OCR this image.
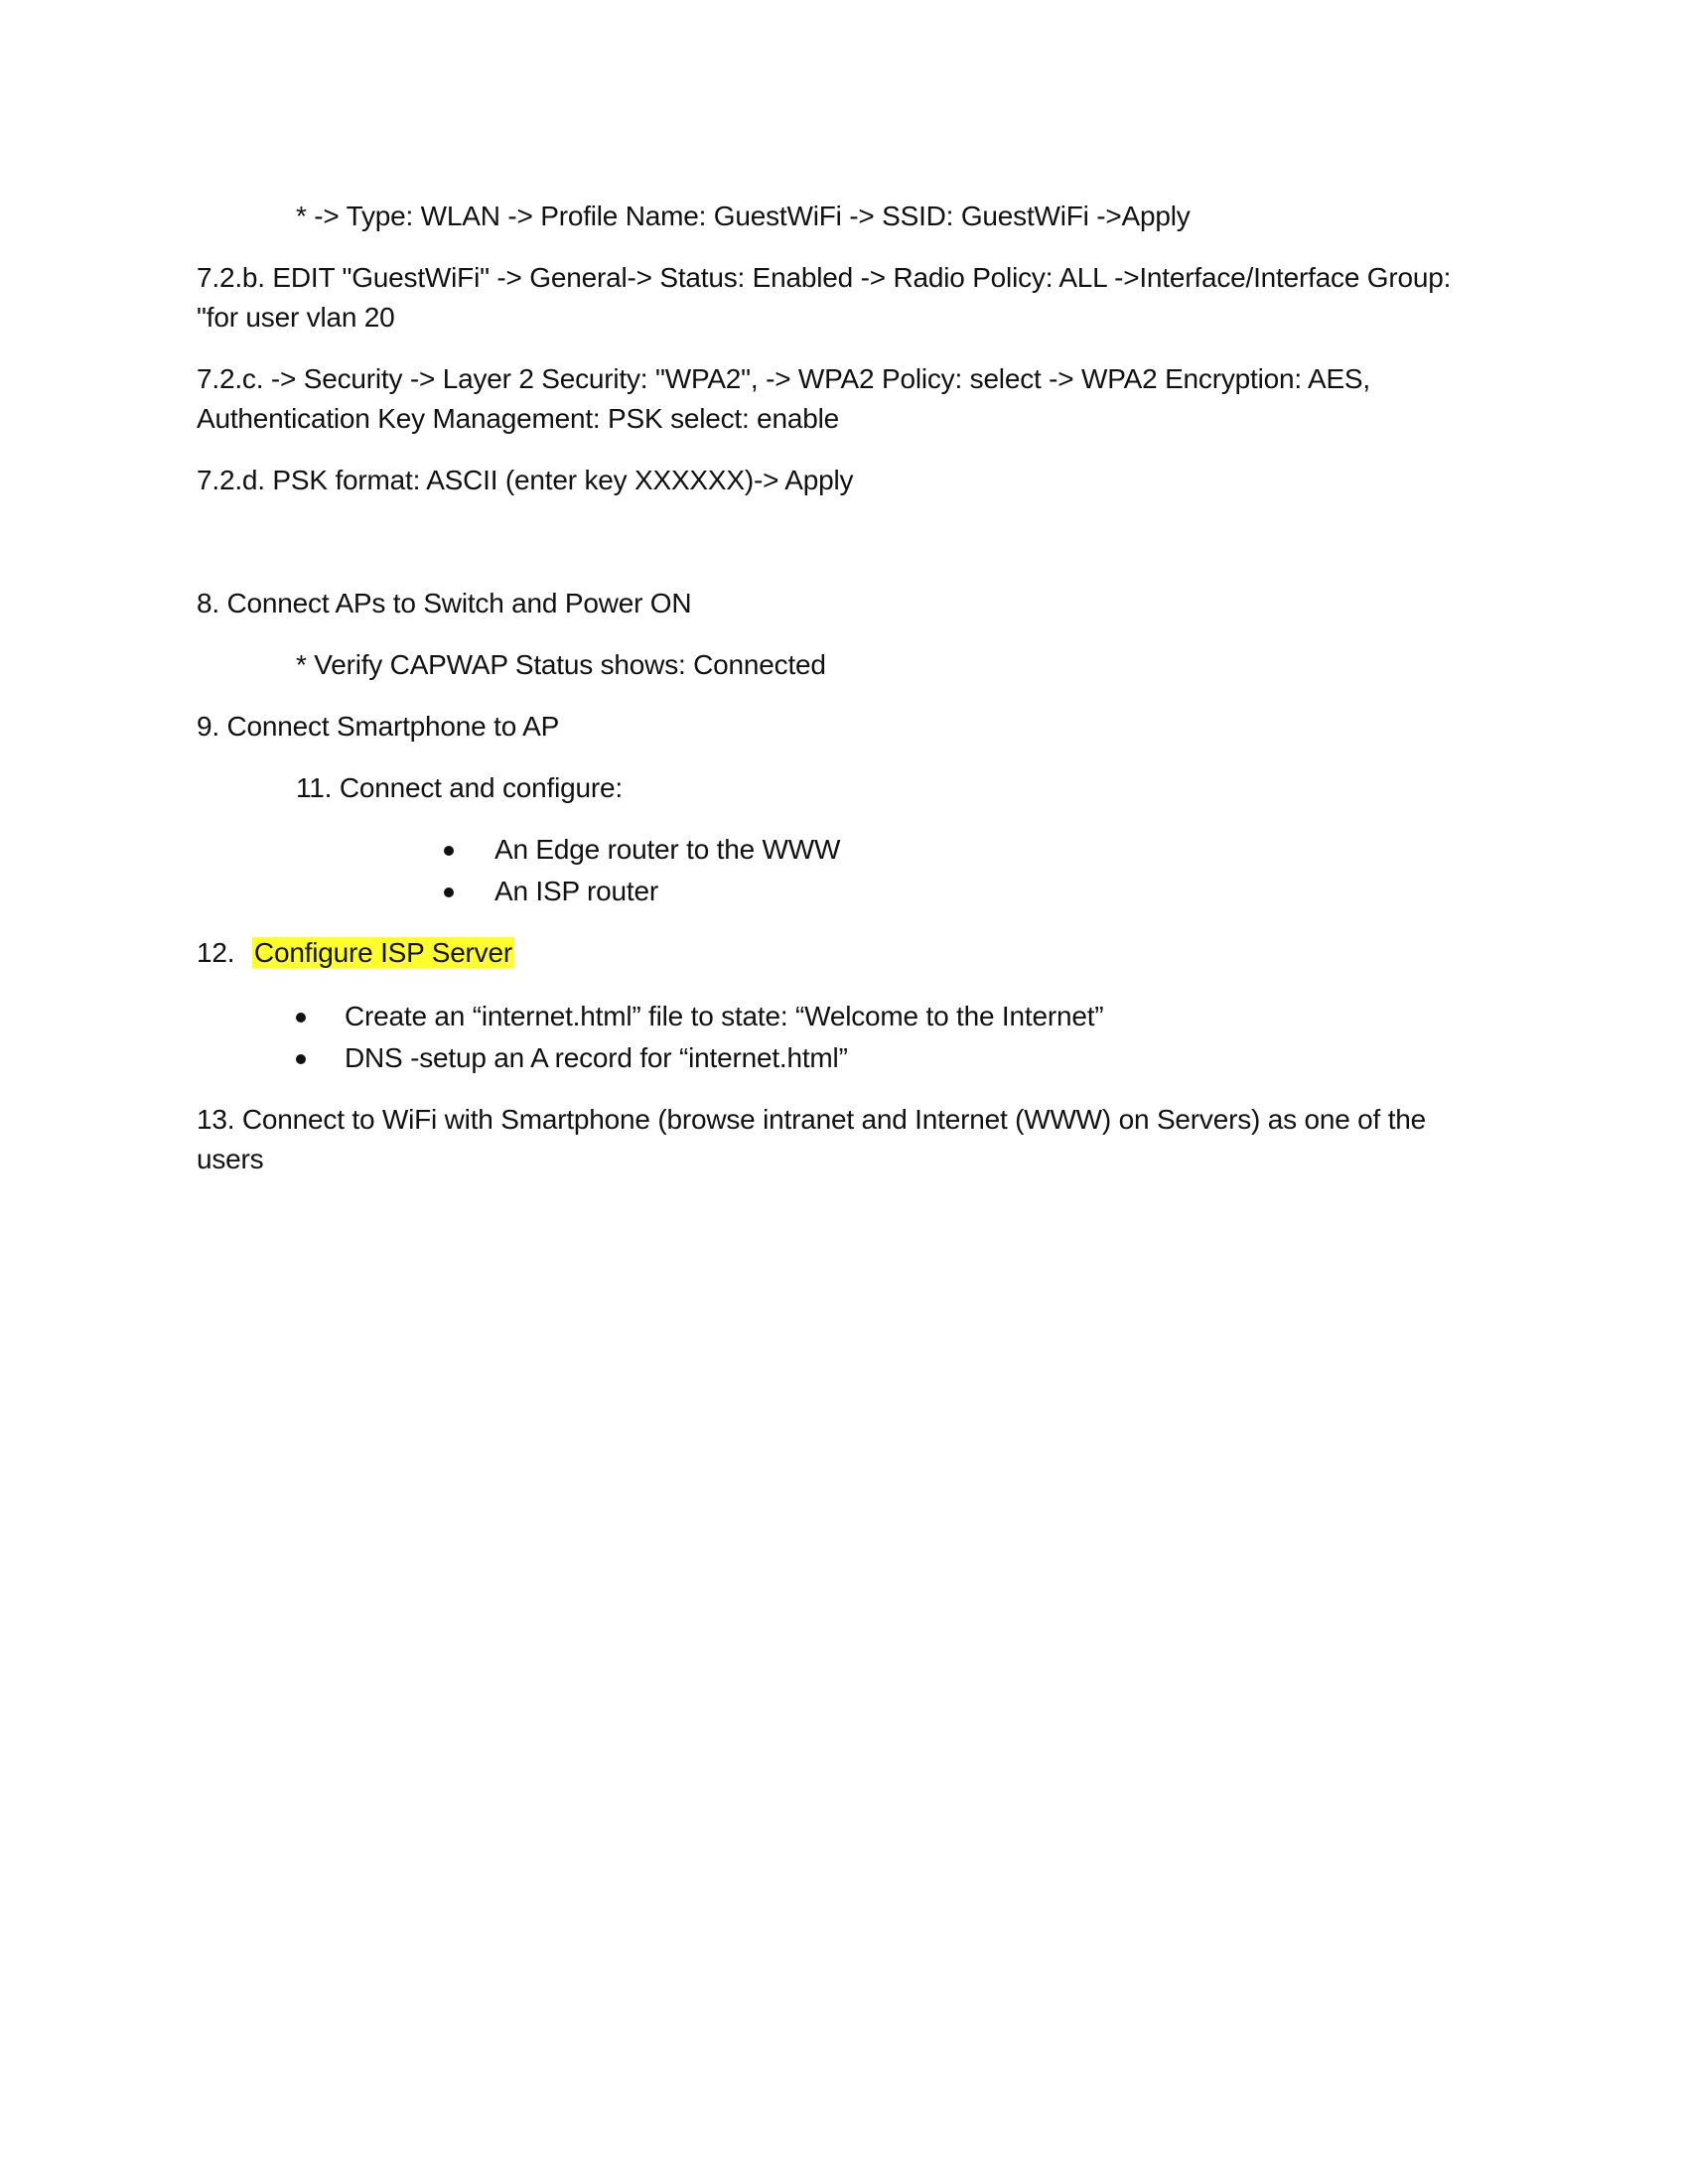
* -> Type: WLAN -> Profile Name: GuestWiFi -> SSID: GuestWiFi ->Apply
7.2.b. EDIT "GuestWiFi" -> General-> Status: Enabled -> Radio Policy: ALL ->Interface/Interface Group:
"for user vlan 20
7.2.c. -> Security -> Layer 2 Security: "WPA2", -> WPA2 Policy: select -> WPA2 Encryption: AES,
Authentication Key Management: PSK select: enable
7.2.d. PSK format: ASCII (enter key XXXXXX)-> Apply
8. Connect APs to Switch and Power ON
* Verify CAPWAP Status shows: Connected
9. Connect Smartphone to AP
11. Connect and configure:
An Edge router to the WWW
An ISP router
12. Configure ISP Server
Create an “internet.html” file to state: “Welcome to the Internet”
DNS -setup an A record for “internet.html”
13. Connect to WiFi with Smartphone (browse intranet and Internet (WWW) on Servers) as one of the
users
